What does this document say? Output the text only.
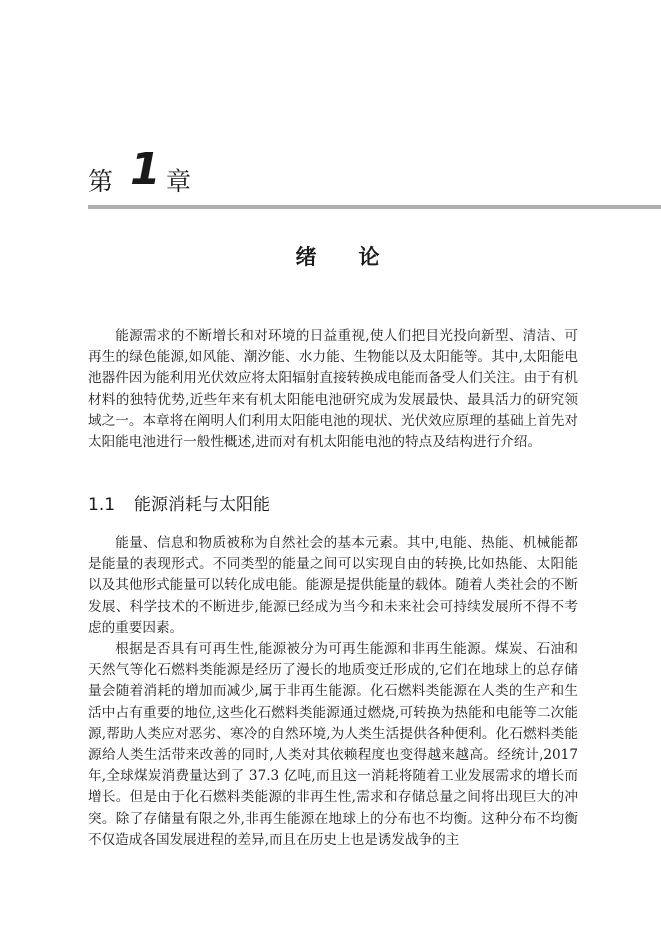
第 1 章
绪论

能源需求的不断增长和对环境的日益重视,使人们把目光投向新型、清洁、可再生的绿色能源,如风能、潮汐能、水力能、生物能以及太阳能等。其中,太阳能电池器件因为能利用光伏效应将太阳辐射直接转换成电能而备受人们关注。由于有机材料的独特优势,近些年来有机太阳能电池研究成为发展最快、最具活力的研究领域之一。本章将在阐明人们利用太阳能电池的现状、光伏效应原理的基础上首先对太阳能电池进行一般性概述,进而对有机太阳能电池的特点及结构进行介绍。

1.1 能源消耗与太阳能

能量、信息和物质被称为自然社会的基本元素。其中,电能、热能、机械能都是能量的表现形式。不同类型的能量之间可以实现自由的转换,比如热能、太阳能以及其他形式能量可以转化成电能。能源是提供能量的载体。随着人类社会的不断发展、科学技术的不断进步,能源已经成为当今和未来社会可持续发展所不得不考虑的重要因素。

根据是否具有可再生性,能源被分为可再生能源和非再生能源。煤炭、石油和天然气等化石燃料类能源是经历了漫长的地质变迁形成的,它们在地球上的总存储量会随着消耗的增加而减少,属于非再生能源。化石燃料类能源在人类的生产和生活中占有重要的地位,这些化石燃料类能源通过燃烧,可转换为热能和电能等二次能源,帮助人类应对恶劣、寒冷的自然环境,为人类生活提供各种便利。化石燃料类能源给人类生活带来改善的同时,人类对其依赖程度也变得越来越高。经统计,2017 年,全球煤炭消费量达到了 37.3 亿吨,而且这一消耗将随着工业发展需求的增长而增长。但是由于化石燃料类能源的非再生性,需求和存储总量之间将出现巨大的冲突。除了存储量有限之外,非再生能源在地球上的分布也不均衡。这种分布不均衡不仅造成各国发展进程的差异,而且在历史上也是诱发战争的主
